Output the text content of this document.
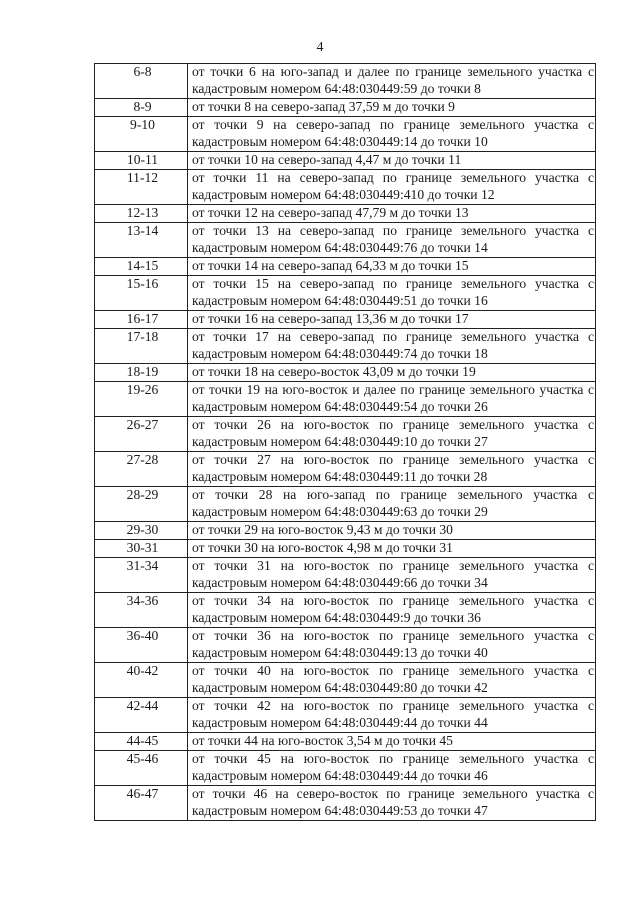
4
6-8	от точки 6 на юго-запад и далее по границе земельного участка с кадастровым номером 64:48:030449:59 до точки 8
8-9	от точки 8 на северо-запад 37,59 м до точки 9
9-10	от точки 9 на северо-запад по границе земельного участка с кадастровым номером 64:48:030449:14 до точки 10
10-11	от точки 10 на северо-запад 4,47 м до точки 11
11-12	от точки 11 на северо-запад по границе земельного участка с кадастровым номером 64:48:030449:410 до точки 12
12-13	от точки 12 на северо-запад 47,79 м до точки 13
13-14	от точки 13 на северо-запад по границе земельного участка с кадастровым номером 64:48:030449:76 до точки 14
14-15	от точки 14 на северо-запад 64,33 м до точки 15
15-16	от точки 15 на северо-запад по границе земельного участка с кадастровым номером 64:48:030449:51 до точки 16
16-17	от точки 16 на северо-запад 13,36 м до точки 17
17-18	от точки 17 на северо-запад по границе земельного участка с кадастровым номером 64:48:030449:74 до точки 18
18-19	от точки 18 на северо-восток 43,09 м до точки 19
19-26	от точки 19 на юго-восток и далее по границе земельного участка с кадастровым номером 64:48:030449:54 до точки 26
26-27	от точки 26 на юго-восток по границе земельного участка с кадастровым номером 64:48:030449:10 до точки 27
27-28	от точки 27 на юго-восток по границе земельного участка с кадастровым номером 64:48:030449:11 до точки 28
28-29	от точки 28 на юго-запад по границе земельного участка с кадастровым номером 64:48:030449:63 до точки 29
29-30	от точки 29 на юго-восток 9,43 м до точки 30
30-31	от точки 30 на юго-восток 4,98 м до точки 31
31-34	от точки 31 на юго-восток по границе земельного участка с кадастровым номером 64:48:030449:66 до точки 34
34-36	от точки 34 на юго-восток по границе земельного участка с кадастровым номером 64:48:030449:9 до точки 36
36-40	от точки 36 на юго-восток по границе земельного участка с кадастровым номером 64:48:030449:13 до точки 40
40-42	от точки 40 на юго-восток по границе земельного участка с кадастровым номером 64:48:030449:80 до точки 42
42-44	от точки 42 на юго-восток по границе земельного участка с кадастровым номером 64:48:030449:44 до точки 44
44-45	от точки 44 на юго-восток 3,54 м до точки 45
45-46	от точки 45 на юго-восток по границе земельного участка с кадастровым номером 64:48:030449:44 до точки 46
46-47	от точки 46 на северо-восток по границе земельного участка с кадастровым номером 64:48:030449:53 до точки 47
